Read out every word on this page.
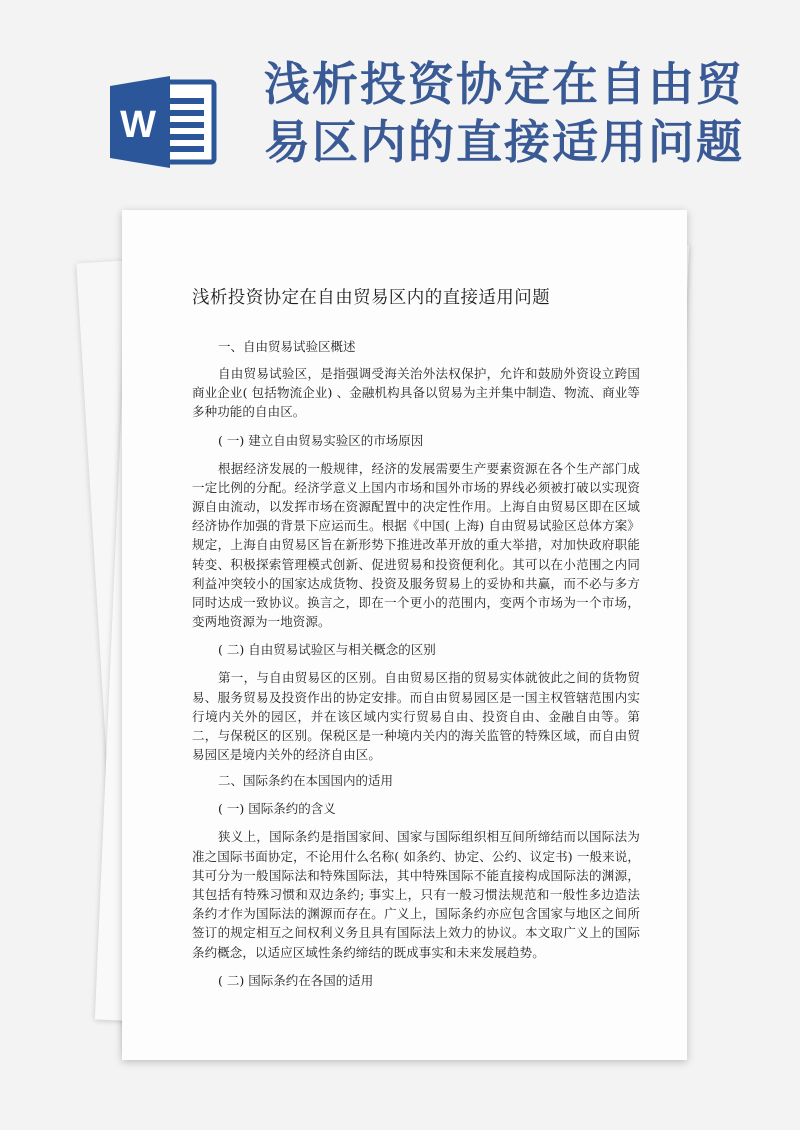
W
浅析投资协定在自由贸
易区内的直接适用问题
浅析投资协定在自由贸易区内的直接适用问题
一、自由贸易试验区概述

自由贸易试验区，是指强调受海关治外法权保护，允许和鼓励外资设立跨国商业企业( 包括物流企业) 、金融机构具备以贸易为主并集中制造、物流、商业等多种功能的自由区。

( 一) 建立自由贸易实验区的市场原因

根据经济发展的一般规律，经济的发展需要生产要素资源在各个生产部门成一定比例的分配。经济学意义上国内市场和国外市场的界线必须被打破以实现资源自由流动，以发挥市场在资源配置中的决定性作用。上海自由贸易区即在区域经济协作加强的背景下应运而生。根据《中国( 上海) 自由贸易试验区总体方案》规定，上海自由贸易区旨在新形势下推进改革开放的重大举措，对加快政府职能转变、积极探索管理模式创新、促进贸易和投资便利化。其可以在小范围之内同利益冲突较小的国家达成货物、投资及服务贸易上的妥协和共赢，而不必与多方同时达成一致协议。换言之，即在一个更小的范围内，变两个市场为一个市场，变两地资源为一地资源。

( 二) 自由贸易试验区与相关概念的区别

第一，与自由贸易区的区别。自由贸易区指的贸易实体就彼此之间的货物贸易、服务贸易及投资作出的协定安排。而自由贸易园区是一国主权管辖范围内实行境内关外的园区，并在该区域内实行贸易自由、投资自由、金融自由等。第二，与保税区的区别。保税区是一种境内关内的海关监管的特殊区域，而自由贸易园区是境内关外的经济自由区。

二、国际条约在本国国内的适用
( 一) 国际条约的含义

狭义上，国际条约是指国家间、国家与国际组织相互间所缔结而以国际法为准之国际书面协定，不论用什么名称( 如条约、协定、公约、议定书) 一般来说，其可分为一般国际法和特殊国际法，其中特殊国际不能直接构成国际法的渊源，其包括有特殊习惯和双边条约; 事实上，只有一般习惯法规范和一般性多边造法条约才作为国际法的渊源而存在。广义上，国际条约亦应包含国家与地区之间所签订的规定相互之间权利义务且具有国际法上效力的协议。本文取广义上的国际条约概念，以适应区域性条约缔结的既成事实和未来发展趋势。

( 二) 国际条约在各国的适用
